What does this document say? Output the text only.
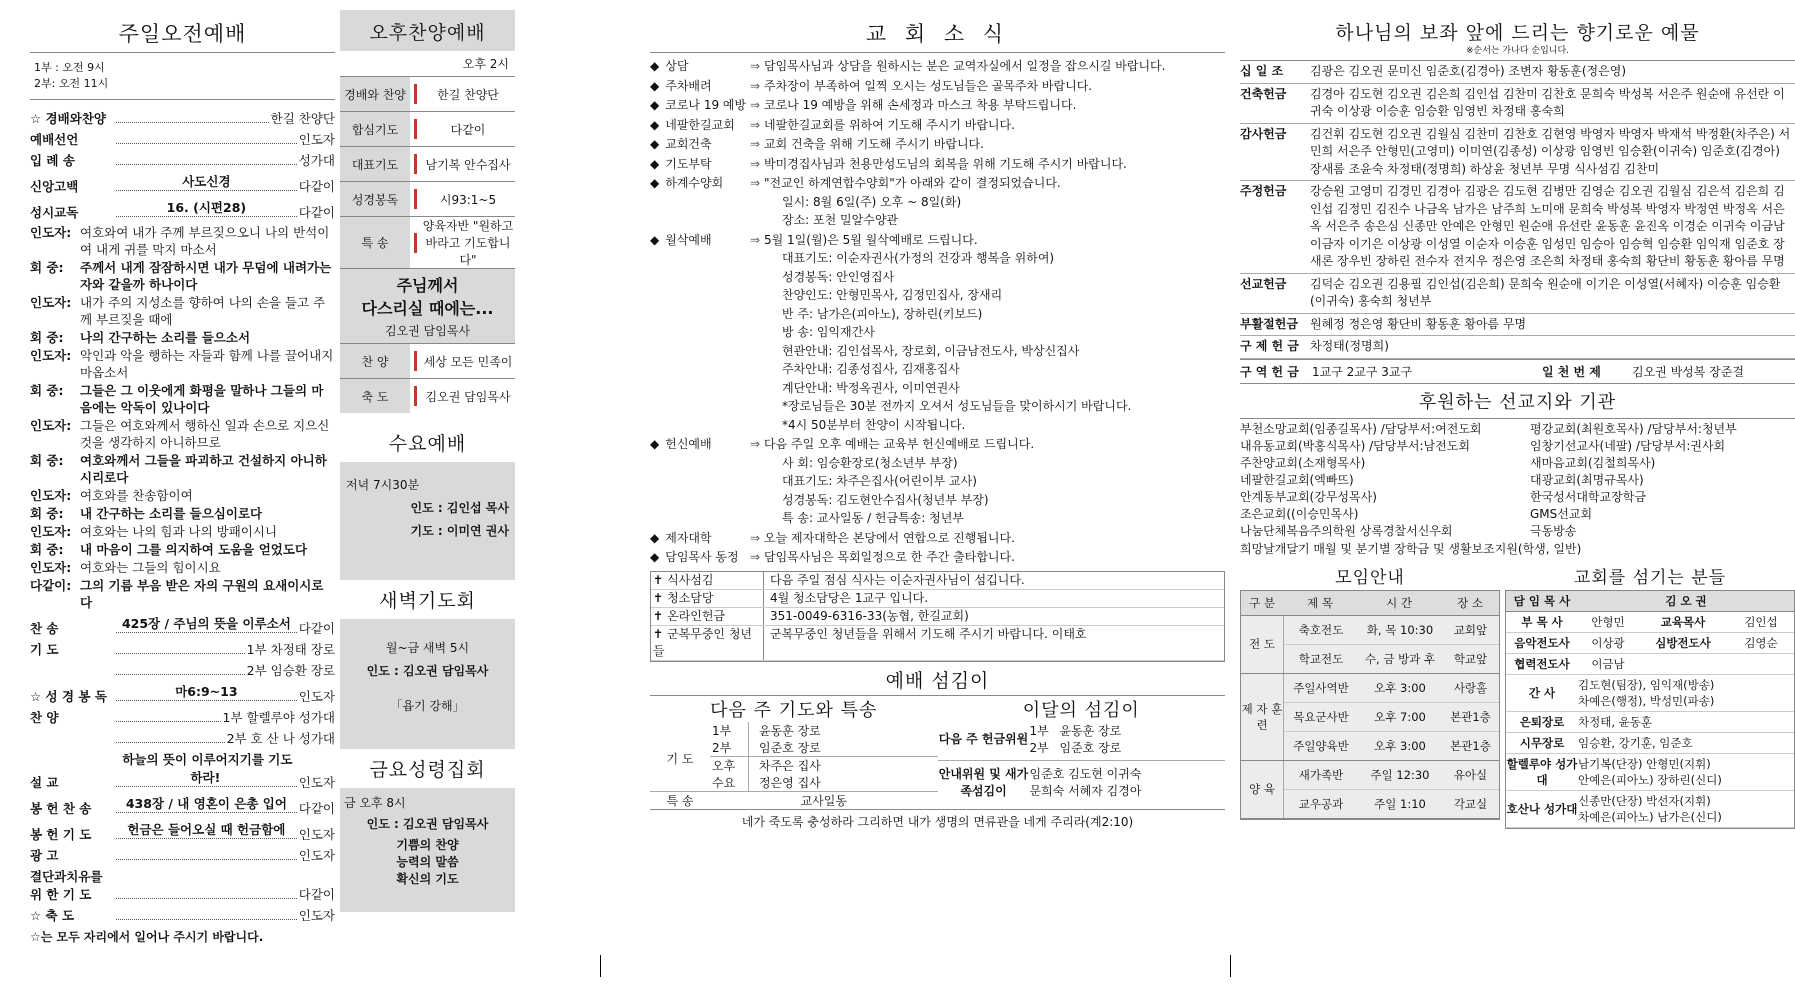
주일오전예배
1부 : 오전 9시
2부: 오전 11시
☆ 경배와찬양	한길 찬양단
예배선언	인도자
입 례 송	성가대
신앙고백	사도신경	다같이
성시교독	16. (시편28)	다같이
인도자: 여호와여 내가 주께 부르짖으오니 나의 반석이여 내게 귀를 막지 마소서
회 중:	주께서 내게 잠잠하시면 내가 무덤에 내려가는 자와 같을까 하나이다
인도자: 내가 주의 지성소를 향하여 나의 손을 들고 주께 부르짖을 때에
회 중:	나의 간구하는 소리를 들으소서
인도자: 악인과 악을 행하는 자들과 함께 나를 끌어내지 마옵소서
회 중:	그들은 그 이웃에게 화평을 말하나 그들의 마음에는 악독이 있나이다
인도자: 그들은 여호와께서 행하신 일과 손으로 지으신 것을 생각하지 아니하므로
회 중:	여호와께서 그들을 파괴하고 건설하지 아니하시리로다
인도자: 여호와를 찬송함이여
회 중:	내 간구하는 소리를 들으심이로다
인도자: 여호와는 나의 힘과 나의 방패이시니
회 중:	내 마음이 그를 의지하여 도움을 얻었도다
인도자: 여호와는 그들의 힘이시요
다같이: 그의 기름 부음 받은 자의 구원의 요새이시로다
찬 송	425장 / 주님의 뜻을 이루소서 다같이
기 도	1부 차정태 장로
2부 임승환 장로
☆ 성 경 봉 독	마6:9~13	인도자
찬 양	1부 할렐루야 성가대
2부 호 산 나 성가대
설 교
하늘의 뜻이 이루어지기를 기도하라!	인도자
봉 헌 찬 송	438장 / 내 영혼이 은총 입어 다같이
봉 헌 기 도	헌금은 들어오실 때 헌금함에	인도자
광 고	인도자
결단과치유를 위 한 기 도	다같이
☆ 축 도	인도자
☆는 모두 자리에서 일어나 주시기 바랍니다.
오후찬양예배
오후 2시
경배와 찬양	한길 찬양단
합심기도	다같이
대표기도	남기복 안수집사
성경봉독	시93:1~5
특 송
양육자반 "원하고 바라고 기도합니다"
주님께서
다스리실 때에는...
김오권 담임목사
찬 양	세상 모든 민족이
축 도	김오권 담임목사
수요예배
저녁 7시30분
인도 : 김인섭 목사
기도 : 이미연 권사
새벽기도회
월~금 새벽 5시
인도 : 김오권 담임목사
「욥기 강해」
금요성령집회
금 오후 8시
인도 : 김오권 담임목사
기쁨의 찬양
능력의 말씀
확신의 기도
교 회 소 식
◆ 상담	⇒ 담임목사님과 상담을 원하시는 분은 교역자실에서 일정을 잡으시길 바랍니다.
◆ 주차배려	⇒ 주차장이 부족하여 일찍 오시는 성도님들은 골목주차 바랍니다.
◆ 코로나 19 예방 ⇒ 코로나 19 예방을 위해 손세정과 마스크 착용 부탁드립니다.
◆ 네팔한길교회	⇒ 네팔한길교회를 위하여 기도해 주시기 바랍니다.
◆ 교회건축	⇒ 교회 건축을 위해 기도해 주시기 바랍니다.
◆ 기도부탁	⇒ 박미경집사님과 천용만성도님의 회복을 위해 기도해 주시기 바랍니다.
◆ 하계수양회	⇒ "전교인 하계연합수양회"가 아래와 같이 결정되었습니다.
일시: 8월 6일(주) 오후 ~ 8일(화)
장소: 포천 밀알수양관
◆ 월삭예배	⇒ 5월 1일(월)은 5월 월삭예배로 드립니다.
대표기도: 이순자권사(가정의 건강과 행복을 위하여)
성경봉독: 안인영집사
찬양인도: 안형민목사, 김정민집사, 장새리
반 주: 남가은(피아노), 장하린(키보드)
방 송: 임익재간사
현관안내: 김인섭목사, 장로회, 이금남전도사, 박상신집사
주차안내: 김종성집사, 김재홍집사
계단안내: 박정옥권사, 이미연권사
*장로님들은 30분 전까지 오셔서 성도님들을 맞이하시기 바랍니다.
*4시 50분부터 찬양이 시작됩니다.
◆ 헌신예배	⇒ 다음 주일 오후 예배는 교육부 헌신예배로 드립니다.
사 회: 임승환장로(청소년부 부장)
대표기도: 차주은집사(어린이부 교사)
성경봉독: 김도현안수집사(청년부 부장)
특 송: 교사일동 / 헌금특송: 청년부
◆ 제자대학	⇒ 오늘 제자대학은 본당에서 연합으로 진행됩니다.
◆ 담임목사 동정 ⇒ 담임목사님은 목회일정으로 한 주간 출타합니다.
✝ 식사섬김	다음 주일 점심 식사는 이순자권사님이 섬깁니다.
✝ 청소담당	4월 청소담당은 1교구 입니다.
✝ 온라인헌금	351-0049-6316-33(농협, 한길교회)
✝ 군복무중인 청년들
군복무중인 청년들을 위해서 기도해 주시기 바랍니다. 이태호
예배 섬김이
다음 주 기도와 특송	이달의 섬김이
기 도
1부	윤동훈 장로
2부	임준호 장로
오후	차주은 집사
수요	정은영 집사
특 송	교사일동
다음 주 헌금위원
1부 윤동훈 장로
2부 임준호 장로
안내위원 및 새가족섬김이
임준호 김도현 이귀숙
문희숙 서혜자 김경아
네가 죽도록 충성하라 그리하면 내가 생명의 면류관을 네게 주리라(계2:10)
하나님의 보좌 앞에 드리는 향기로운 예물
※순서는 가나다 순입니다.
십 일 조	김광은 김오권 문미신 임준호(김경아) 조변자 황동훈(정은영)
건축헌금	김경아 김도현 김오권 김은희 김인섭 김찬미 김찬호 문희숙 박성복 서은주 원순애 유선란 이귀숙 이상광 이승훈 임승환 임영빈 차정태 홍숙희
감사헌금	김건휘 김도현 김오권 김월심 김찬미 김찬호 김현영 박영자 박영자 박재석 박정환(차주은) 서민희 서은주 안형민(고영미) 이미연(김종성) 이상광 임영빈 임승환(이귀숙) 임준호(김경아) 장새롬 조윤숙 차정태(정명희) 하상윤 청년부 무명 식사섬김 김찬미
주정헌금	강승원 고영미 김경민 김경아 김광은 김도현 김병만 김영순 김오권 김월심 김은석 김은희 김인섭 김정민 김진수 나금옥 남가은 남주희 노미애 문희숙 박성복 박영자 박정연 박정옥 서은옥 서은주 송은심 신종만 안예은 안형민 원순애 유선란 윤동훈 윤진옥 이경순 이귀숙 이금남 이금자 이기은 이상광 이성열 이순자 이승훈 임성민 임승아 임승혁 임승환 임익재 임준호 장새론 장우빈 장하린 전수자 전지우 정은영 조은희 차정태 홍숙희 황단비 황동훈 황아름 무명
선교헌금	김덕순 김오권 김용필 김인섭(김은희) 문희숙 원순애 이기은 이성열(서혜자) 이승훈 임승환(이귀숙) 홍숙희 청년부
부활절헌금	원혜정 정은영 황단비 황동훈 황아름 무명
구 제 헌 금 차정태(정명희)
구 역 헌 금	1교구 2교구 3교구	일 천 번 제	김오권 박성복 장준걸
후원하는 선교지와 기관
부천소망교회(임종길목사) /담당부서:여전도회	평강교회(최원호목사) /담당부서:청년부
내유동교회(박홍식목사) /담당부서:남전도회	임창기선교사(네팔) /담당부서:권사회
주찬양교회(소재형목사)	새마음교회(김철희목사)
네팔한길교회(엑빠뜨)	대광교회(최명규목사)
안계동부교회(강무성목사)	한국성서대학교장학금
조은교회((이승민목사)	GMS선교회
나눔단체복음주의학원 상록경찰서신우회	극동방송
희망날개달기 매월 및 분기별 장학금 및 생활보조지원(학생, 일반)
모임안내
구 분	제 목	시 간	장 소
전 도
축호전도	화, 목 10:30	교회앞
학교전도	수, 금 방과 후	학교앞
제 자 훈 련
주일사역반	오후 3:00	사랑홀
목요군사반	오후 7:00	본관1층
주일양육반	오후 3:00	본관1층
양 육
새가족반	주일 12:30	유아실
교우공과	주일 1:10	각교실
교회를 섬기는 분들
담 임 목 사	김 오 권
부 목 사	안형민	교육목사	김인섭
음악전도사	이상광	심방전도사	김영순
협력전도사	이금남
간 사
김도현(팀장), 임익재(방송)
차예은(행정), 박성민(파송)
은퇴장로	차정태, 윤동훈
시무장로	임승환, 강기훈, 임준호
할렐루야 성가대
남기복(단장) 안형민(지휘)
안예은(피아노) 장하린(신디)
호산나 성가대
신종만(단장) 박선자(지휘)
차예은(피아노) 남가은(신디)
